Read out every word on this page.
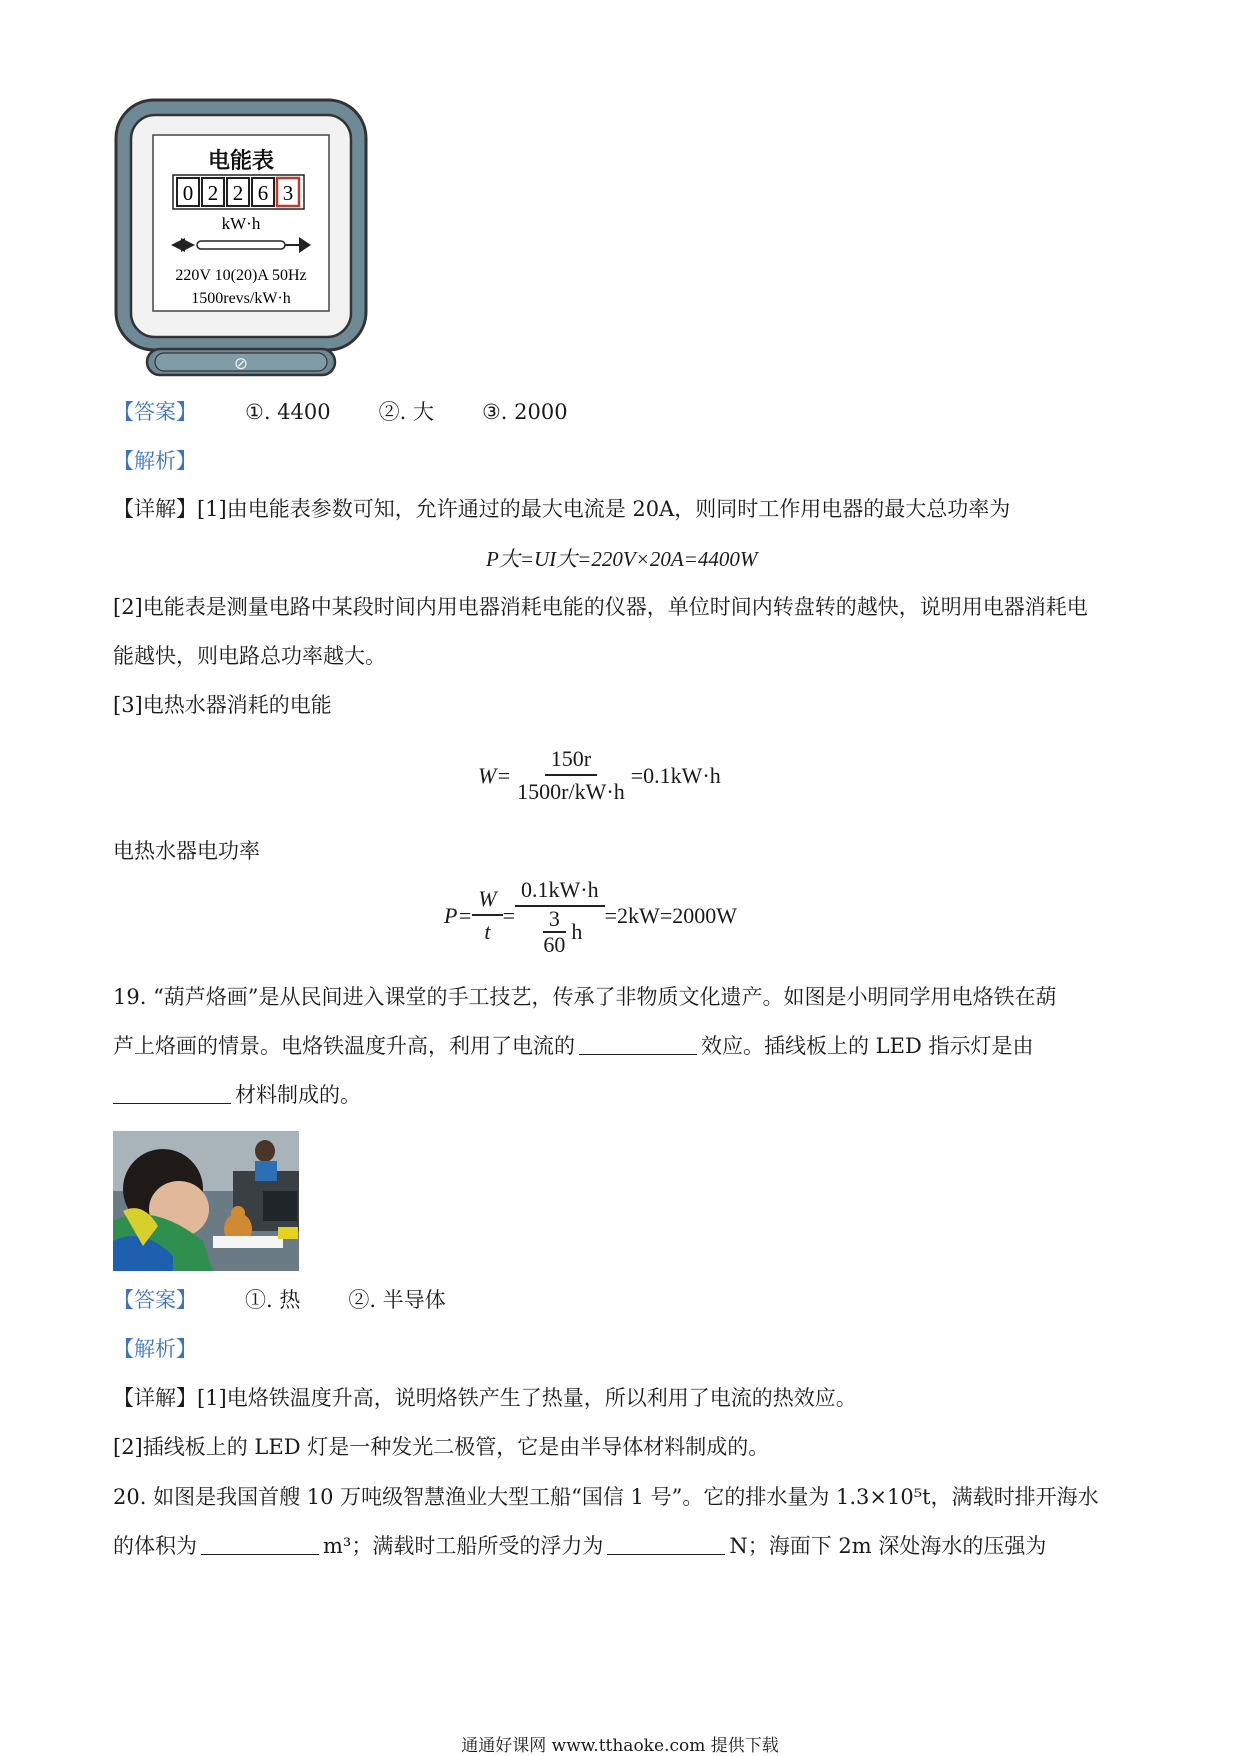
电能表
0 2 2 6 3
kW·h
220V 10(20)A 50Hz
1500revs/kW·h
⊘
【答案】 ①. 4400 ②. 大 ③. 2000
【解析】
【详解】[1]由电能表参数可知，允许通过的最大电流是 20A，则同时工作用电器的最大总功率为
P大=UI大=220V×20A=4400W
[2]电能表是测量电路中某段时间内用电器消耗电能的仪器，单位时间内转盘转的越快，说明用电器消耗电
能越快，则电路总功率越大。
[3]电热水器消耗的电能
$W= \frac{150r}{1500r/kW\cdot h} =0.1kW\cdot h$
电热水器电功率
$P= \frac{W}{t} = \frac{0.1kW\cdot h}{\frac{3}{60} h} =2kW=2000W$
19. “葫芦烙画”是从民间进入课堂的手工技艺，传承了非物质文化遗产。如图是小明同学用电烙铁在葫
芦上烙画的情景。电烙铁温度升高，利用了电流的	效应。插线板上的 LED 指示灯是由
材料制成的。
【答案】 ①. 热 ②. 半导体
【解析】
【详解】[1]电烙铁温度升高，说明烙铁产生了热量，所以利用了电流的热效应。
[2]插线板上的 LED 灯是一种发光二极管，它是由半导体材料制成的。
20. 如图是我国首艘 10 万吨级智慧渔业大型工船“国信 1 号”。它的排水量为 1.3×10⁵t，满载时排开海水
的体积为	m³；满载时工船所受的浮力为	N；海面下 2m 深处海水的压强为
通通好课网 www.tthaoke.com 提供下载
